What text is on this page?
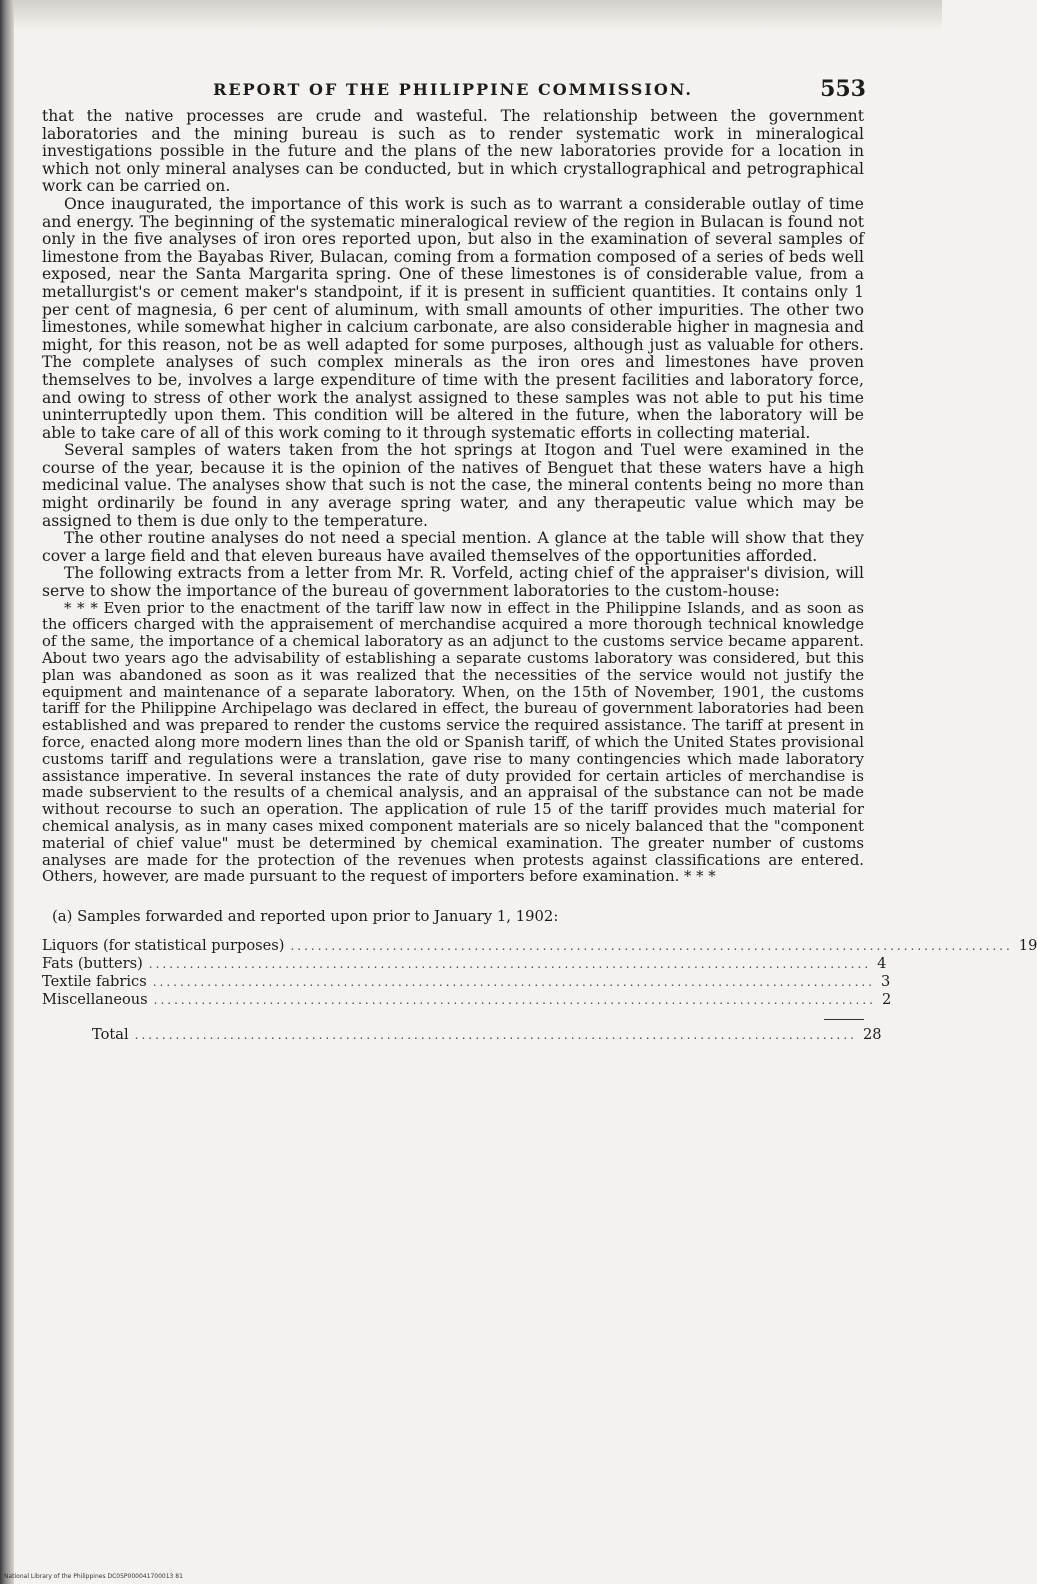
REPORT OF THE PHILIPPINE COMMISSION.	553

that the native processes are crude and wasteful. The relationship between the government laboratories and the mining bureau is such as to render systematic work in mineralogical investigations possible in the future and the plans of the new laboratories provide for a location in which not only mineral analyses can be conducted, but in which crystallographical and petrographical work can be carried on.

Once inaugurated, the importance of this work is such as to warrant a considerable outlay of time and energy. The beginning of the systematic mineralogical review of the region in Bulacan is found not only in the five analyses of iron ores reported upon, but also in the examination of several samples of limestone from the Bayabas River, Bulacan, coming from a formation composed of a series of beds well exposed, near the Santa Margarita spring. One of these limestones is of considerable value, from a metallurgist's or cement maker's standpoint, if it is present in sufficient quantities. It contains only 1 per cent of magnesia, 6 per cent of aluminum, with small amounts of other impurities. The other two limestones, while somewhat higher in calcium carbonate, are also considerable higher in magnesia and might, for this reason, not be as well adapted for some purposes, although just as valuable for others. The complete analyses of such complex minerals as the iron ores and limestones have proven themselves to be, involves a large expenditure of time with the present facilities and laboratory force, and owing to stress of other work the analyst assigned to these samples was not able to put his time uninterruptedly upon them. This condition will be altered in the future, when the laboratory will be able to take care of all of this work coming to it through systematic efforts in collecting material.

Several samples of waters taken from the hot springs at Itogon and Tuel were examined in the course of the year, because it is the opinion of the natives of Benguet that these waters have a high medicinal value. The analyses show that such is not the case, the mineral contents being no more than might ordinarily be found in any average spring water, and any therapeutic value which may be assigned to them is due only to the temperature.

The other routine analyses do not need a special mention. A glance at the table will show that they cover a large field and that eleven bureaus have availed themselves of the opportunities afforded.

The following extracts from a letter from Mr. R. Vorfeld, acting chief of the appraiser's division, will serve to show the importance of the bureau of government laboratories to the custom-house:

* * * Even prior to the enactment of the tariff law now in effect in the Philippine Islands, and as soon as the officers charged with the appraisement of merchandise acquired a more thorough technical knowledge of the same, the importance of a chemical laboratory as an adjunct to the customs service became apparent. About two years ago the advisability of establishing a separate customs laboratory was considered, but this plan was abandoned as soon as it was realized that the necessities of the service would not justify the equipment and maintenance of a separate laboratory. When, on the 15th of November, 1901, the customs tariff for the Philippine Archipelago was declared in effect, the bureau of government laboratories had been established and was prepared to render the customs service the required assistance. The tariff at present in force, enacted along more modern lines than the old or Spanish tariff, of which the United States provisional customs tariff and regulations were a translation, gave rise to many contingencies which made laboratory assistance imperative. In several instances the rate of duty provided for certain articles of merchandise is made subservient to the results of a chemical analysis, and an appraisal of the substance can not be made without recourse to such an operation. The application of rule 15 of the tariff provides much material for chemical analysis, as in many cases mixed component materials are so nicely balanced that the "component material of chief value" must be determined by chemical examination. The greater number of customs analyses are made for the protection of the revenues when protests against classifications are entered. Others, however, are made pursuant to the request of importers before examination. * * *

(a) Samples forwarded and reported upon prior to January 1, 1902:
Liquors (for statistical purposes) .......................................................................................................... 19
Fats (butters) .......................................................................................................... 4
Textile fabrics .......................................................................................................... 3
Miscellaneous .......................................................................................................... 2
Total .......................................................................................................... 28
National Library of the Philippines DC05P000041700013 81
